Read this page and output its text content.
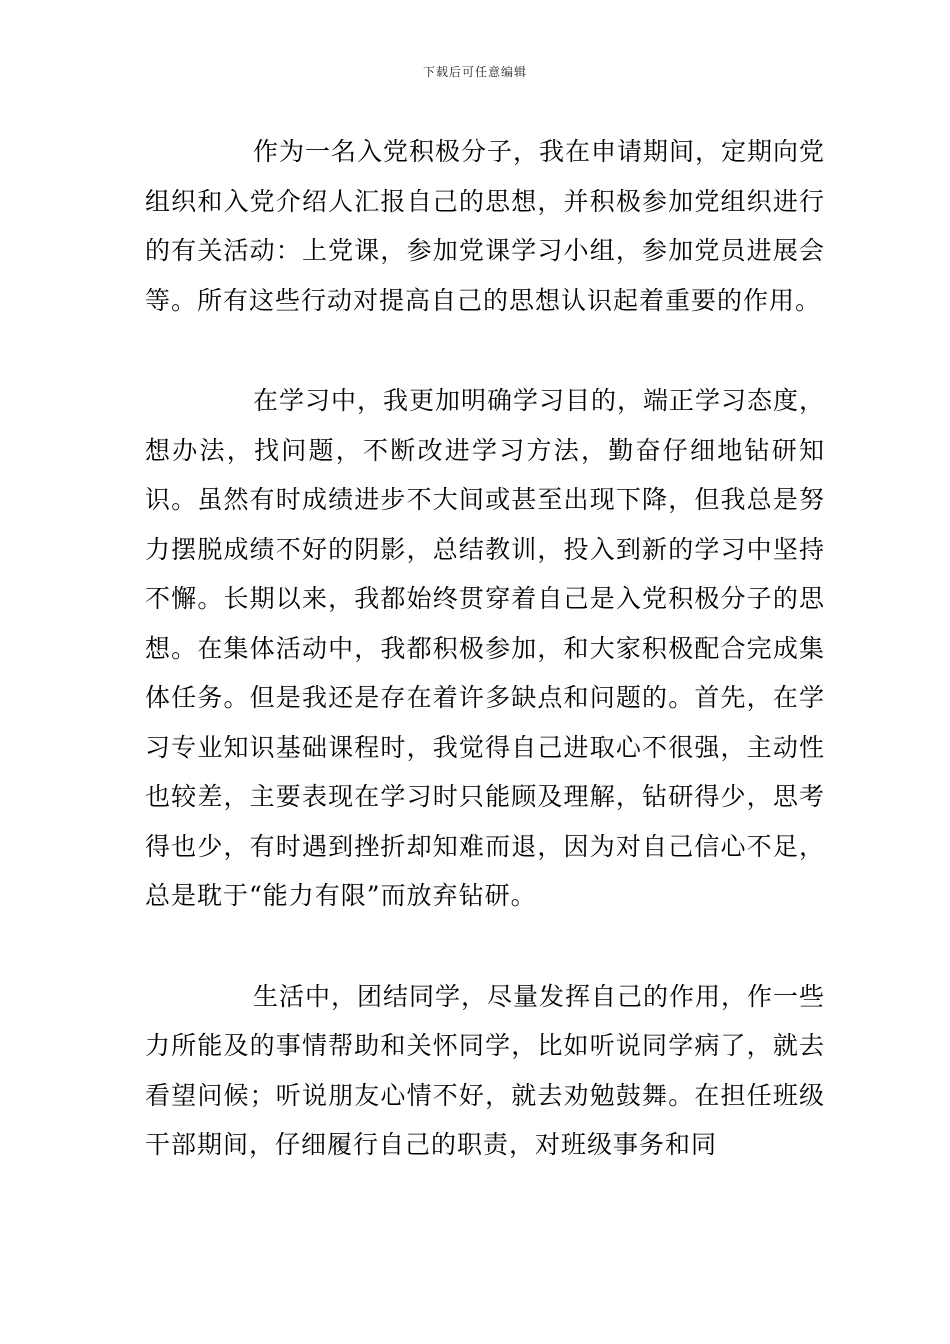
下载后可任意编辑

作为一名入党积极分子，我在申请期间，定期向党组织和入党介绍人汇报自己的思想，并积极参加党组织进行的有关活动：上党课，参加党课学习小组，参加党员进展会等。所有这些行动对提高自己的思想认识起着重要的作用。

在学习中，我更加明确学习目的，端正学习态度，想办法，找问题，不断改进学习方法，勤奋仔细地钻研知识。虽然有时成绩进步不大间或甚至出现下降，但我总是努力摆脱成绩不好的阴影，总结教训，投入到新的学习中坚持不懈。长期以来，我都始终贯穿着自己是入党积极分子的思想。在集体活动中，我都积极参加，和大家积极配合完成集体任务。但是我还是存在着许多缺点和问题的。首先，在学习专业知识基础课程时，我觉得自己进取心不很强，主动性也较差，主要表现在学习时只能顾及理解，钻研得少，思考得也少，有时遇到挫折却知难而退，因为对自己信心不足，总是耽于“能力有限”而放弃钻研。

生活中，团结同学，尽量发挥自己的作用，作一些力所能及的事情帮助和关怀同学，比如听说同学病了，就去看望问候；听说朋友心情不好，就去劝勉鼓舞。在担任班级干部期间，仔细履行自己的职责，对班级事务和同
